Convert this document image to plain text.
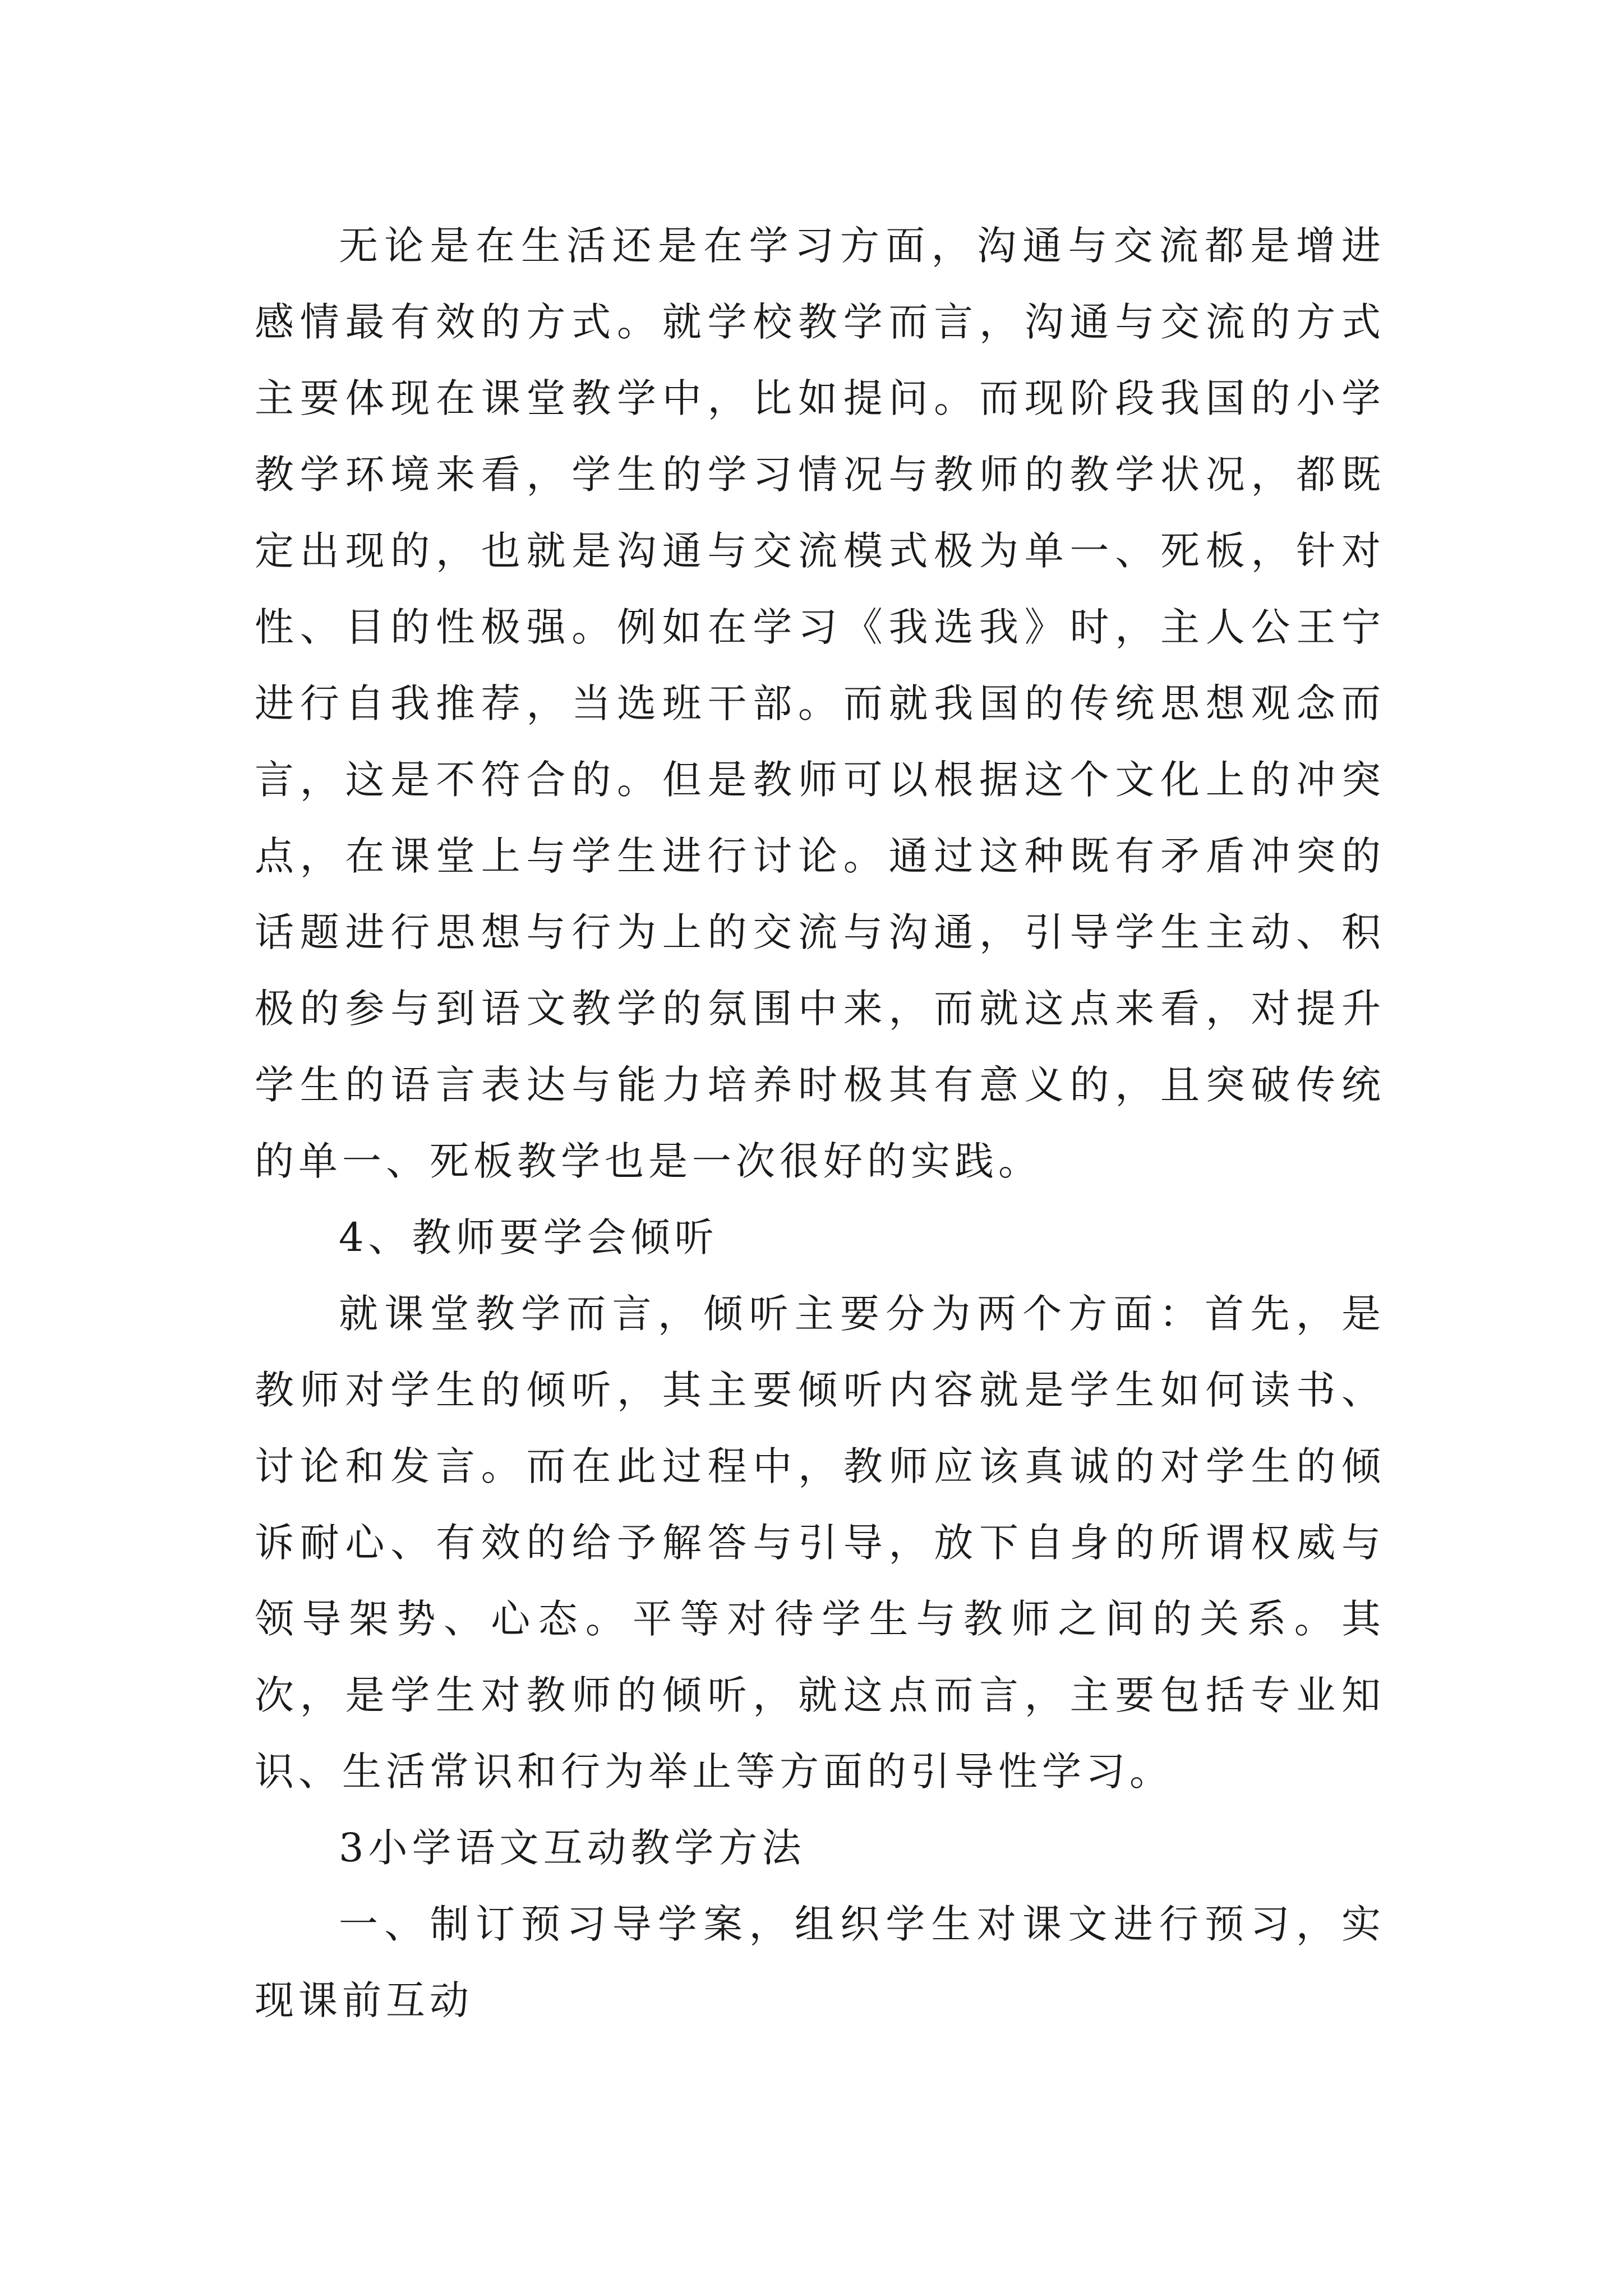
无论是在生活还是在学习方面，沟通与交流都是增进感情最有效的方式。就学校教学而言，沟通与交流的方式主要体现在课堂教学中，比如提问。而现阶段我国的小学教学环境来看，学生的学习情况与教师的教学状况，都既定出现的，也就是沟通与交流模式极为单一、死板，针对性、目的性极强。例如在学习《我选我》时，主人公王宁进行自我推荐，当选班干部。而就我国的传统思想观念而言，这是不符合的。但是教师可以根据这个文化上的冲突点，在课堂上与学生进行讨论。通过这种既有矛盾冲突的话题进行思想与行为上的交流与沟通，引导学生主动、积极的参与到语文教学的氛围中来，而就这点来看，对提升学生的语言表达与能力培养时极其有意义的，且突破传统的单一、死板教学也是一次很好的实践。

4、教师要学会倾听

就课堂教学而言，倾听主要分为两个方面：首先，是教师对学生的倾听，其主要倾听内容就是学生如何读书、讨论和发言。而在此过程中，教师应该真诚的对学生的倾诉耐心、有效的给予解答与引导，放下自身的所谓权威与领导架势、心态。平等对待学生与教师之间的关系。其次，是学生对教师的倾听，就这点而言，主要包括专业知识、生活常识和行为举止等方面的引导性学习。

3小学语文互动教学方法

一、制订预习导学案，组织学生对课文进行预习，实现课前互动
